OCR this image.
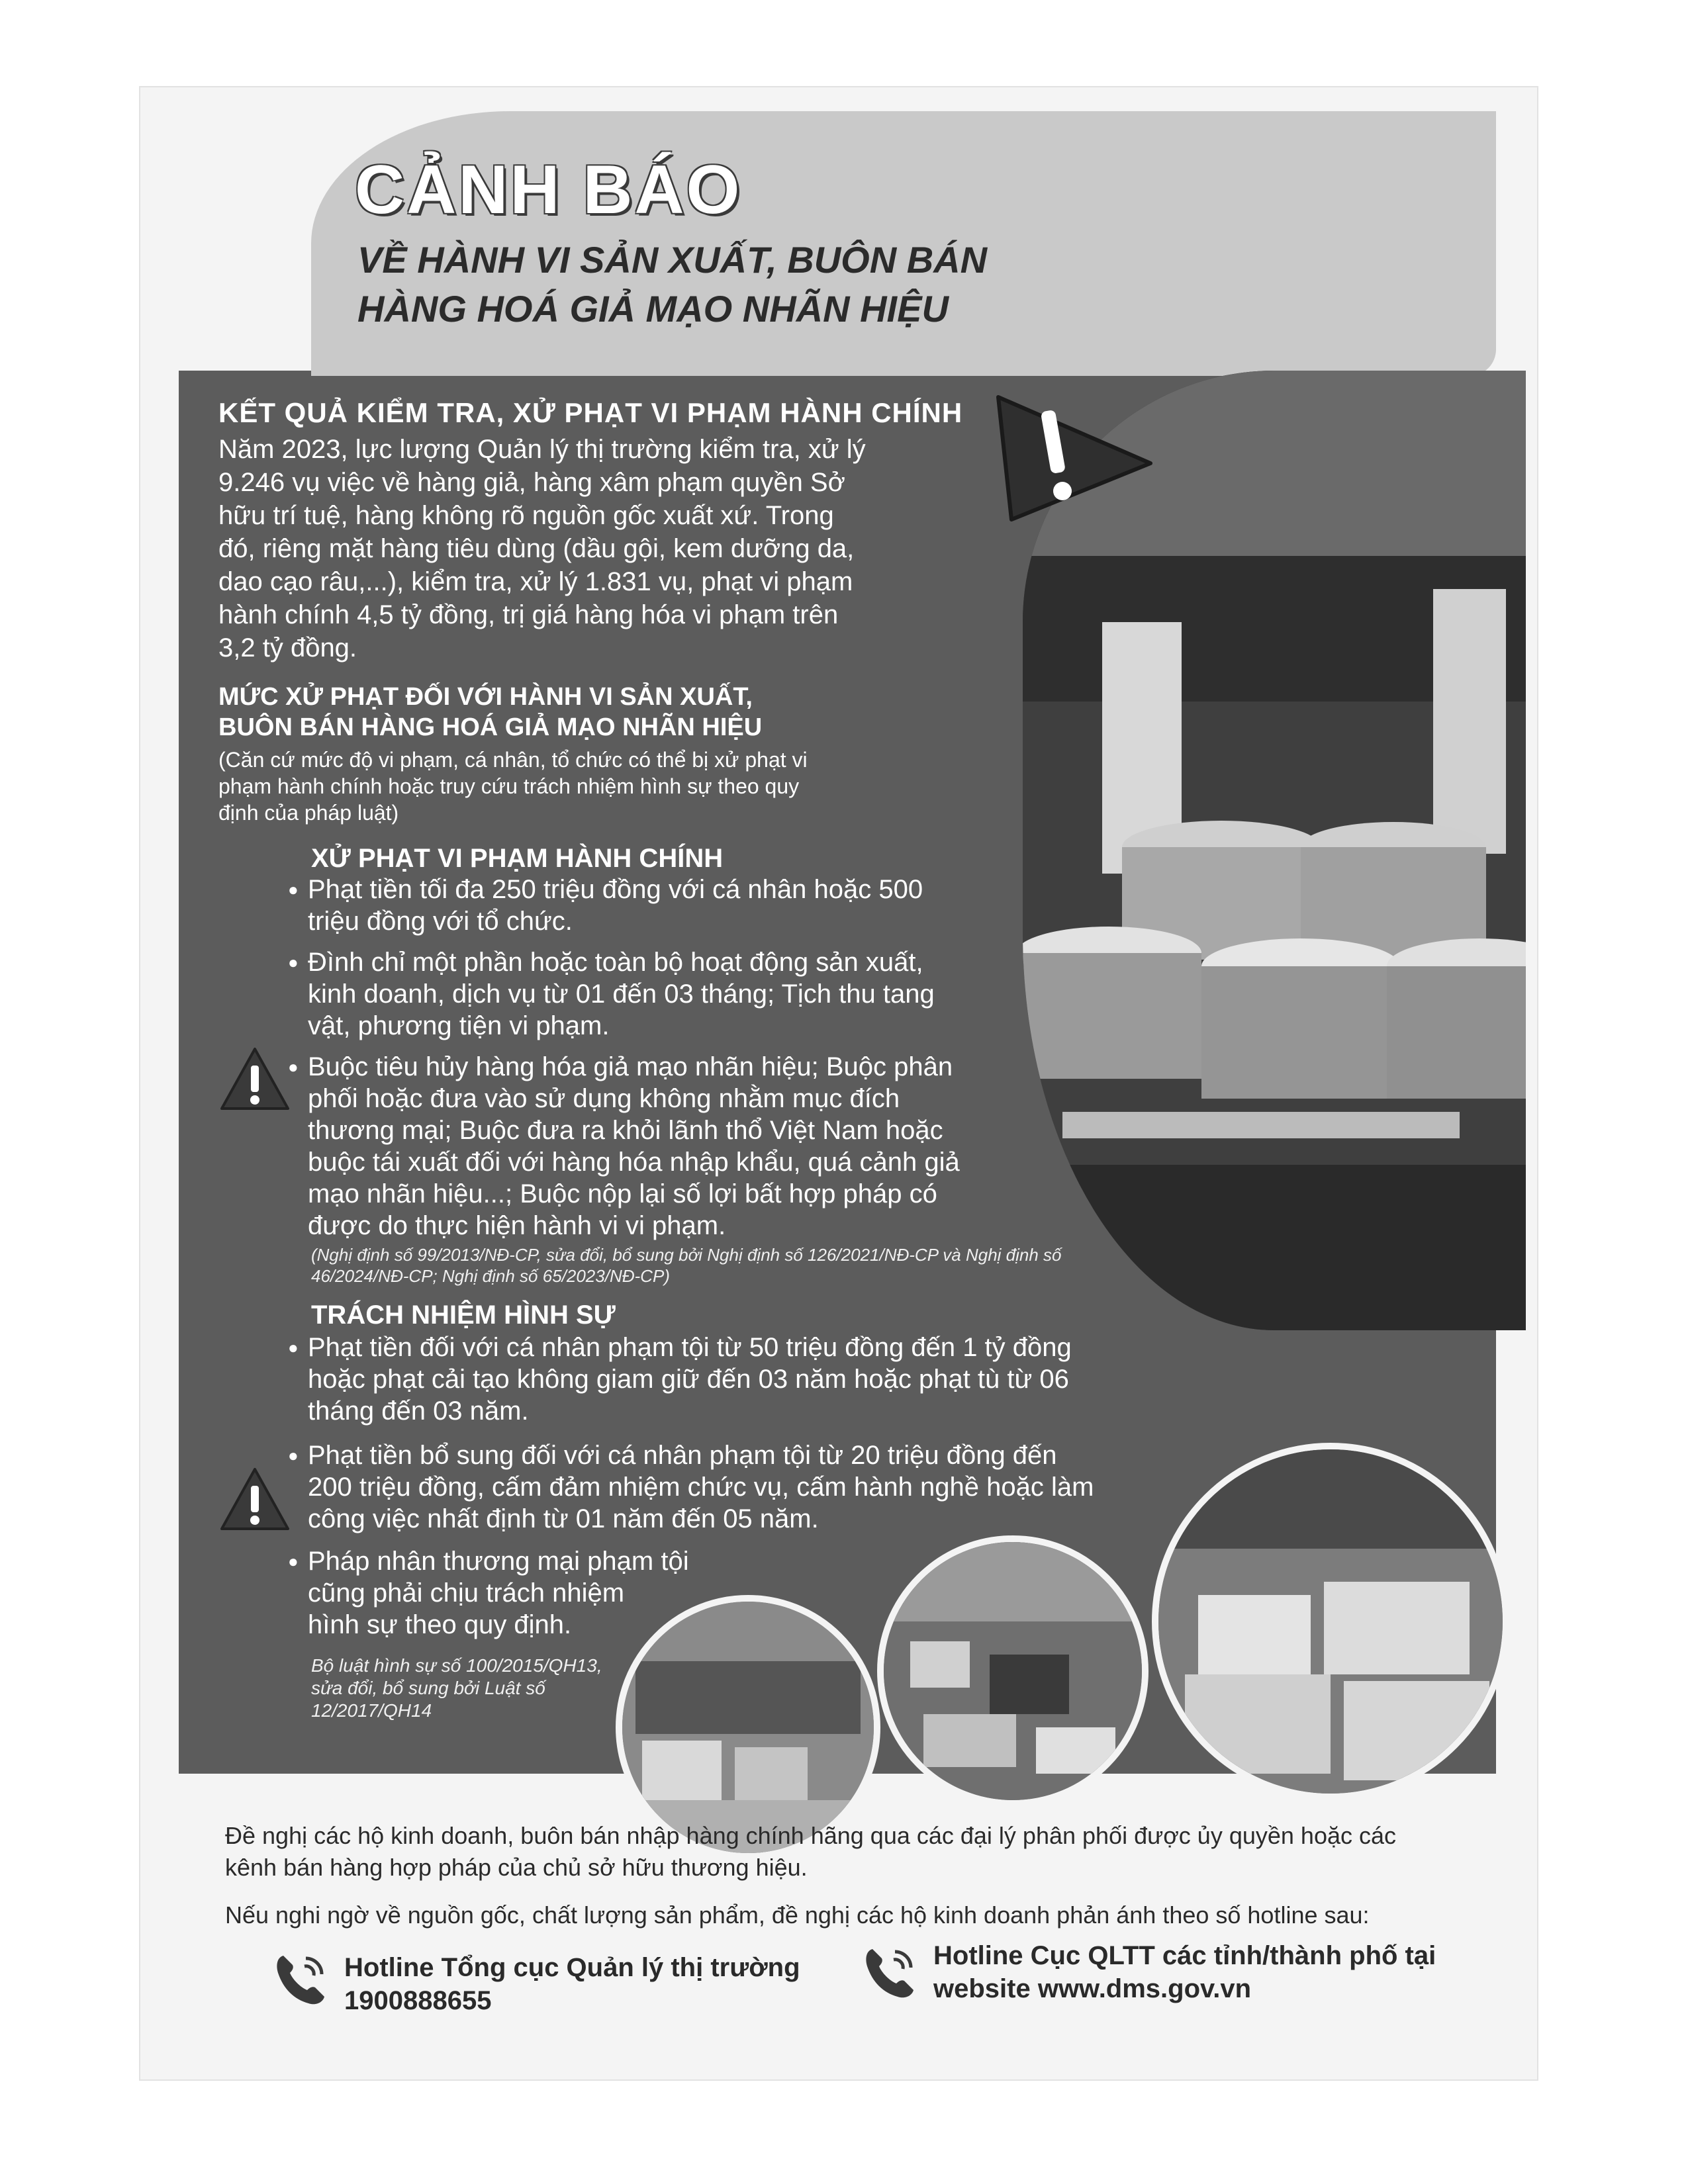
CẢNH BÁO
VỀ HÀNH VI SẢN XUẤT, BUÔN BÁN
HÀNG HOÁ GIẢ MẠO NHÃN HIỆU
KẾT QUẢ KIỂM TRA, XỬ PHẠT VI PHẠM HÀNH CHÍNH
Năm 2023, lực lượng Quản lý thị trường kiểm tra, xử lý
9.246 vụ việc về hàng giả, hàng xâm phạm quyền Sở
hữu trí tuệ, hàng không rõ nguồn gốc xuất xứ. Trong
đó, riêng mặt hàng tiêu dùng (dầu gội, kem dưỡng da,
dao cạo râu,...), kiểm tra, xử lý 1.831 vụ, phạt vi phạm
hành chính 4,5 tỷ đồng, trị giá hàng hóa vi phạm trên
3,2 tỷ đồng.
MỨC XỬ PHẠT ĐỐI VỚI HÀNH VI SẢN XUẤT,
BUÔN BÁN HÀNG HOÁ GIẢ MẠO NHÃN HIỆU
(Căn cứ mức độ vi phạm, cá nhân, tổ chức có thể bị xử phạt vi
phạm hành chính hoặc truy cứu trách nhiệm hình sự theo quy
định của pháp luật)
XỬ PHẠT VI PHẠM HÀNH CHÍNH
● Phạt tiền tối đa 250 triệu đồng với cá nhân hoặc 500
triệu đồng với tổ chức.
● Đình chỉ một phần hoặc toàn bộ hoạt động sản xuất,
kinh doanh, dịch vụ từ 01 đến 03 tháng; Tịch thu tang
vật, phương tiện vi phạm.
● Buộc tiêu hủy hàng hóa giả mạo nhãn hiệu; Buộc phân
phối hoặc đưa vào sử dụng không nhằm mục đích
thương mại; Buộc đưa ra khỏi lãnh thổ Việt Nam hoặc
buộc tái xuất đối với hàng hóa nhập khẩu, quá cảnh giả
mạo nhãn hiệu...; Buộc nộp lại số lợi bất hợp pháp có
được do thực hiện hành vi vi phạm.
(Nghị định số 99/2013/NĐ-CP, sửa đổi, bổ sung bởi Nghị định số 126/2021/NĐ-CP và Nghị định số
46/2024/NĐ-CP; Nghị định số 65/2023/NĐ-CP)
TRÁCH NHIỆM HÌNH SỰ
● Phạt tiền đối với cá nhân phạm tội từ 50 triệu đồng đến 1 tỷ đồng
hoặc phạt cải tạo không giam giữ đến 03 năm hoặc phạt tù từ 06
tháng đến 03 năm.
● Phạt tiền bổ sung đối với cá nhân phạm tội từ 20 triệu đồng đến
200 triệu đồng, cấm đảm nhiệm chức vụ, cấm hành nghề hoặc làm
công việc nhất định từ 01 năm đến 05 năm.
● Pháp nhân thương mại phạm tội
cũng phải chịu trách nhiệm
hình sự theo quy định.
Bộ luật hình sự số 100/2015/QH13,
sửa đổi, bổ sung bởi Luật số
12/2017/QH14
Đề nghị các hộ kinh doanh, buôn bán nhập hàng chính hãng qua các đại lý phân phối được ủy quyền hoặc các
kênh bán hàng hợp pháp của chủ sở hữu thương hiệu.
Nếu nghi ngờ về nguồn gốc, chất lượng sản phẩm, đề nghị các hộ kinh doanh phản ánh theo số hotline sau:
Hotline Tổng cục Quản lý thị trường
1900888655
Hotline Cục QLTT các tỉnh/thành phố tại
website www.dms.gov.vn
